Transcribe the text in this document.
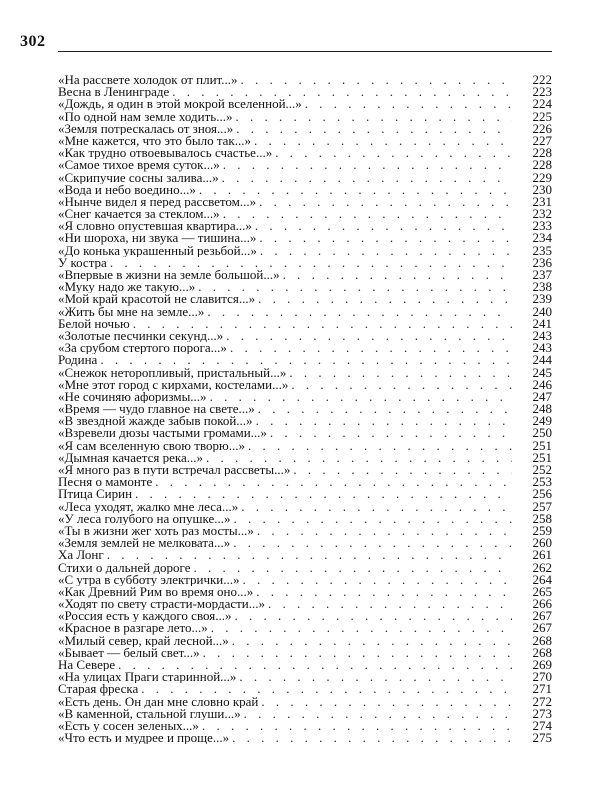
302
«На рассвете холодок от плит...» . . .	222
Весна в Ленинграде . . .	223
«Дождь, я один в этой мокрой вселенной...» . . .	224
«По одной нам земле ходить...» . . .	225
«Земля потрескалась от зноя...» . . .	226
«Мне кажется, что это было так...» . . .	227
«Как трудно отвоевывалось счастье...» . . .	228
«Самое тихое время суток...» . . .	228
«Скрипучие сосны залива...» . . .	229
«Вода и небо воедино...» . . .	230
«Нынче видел я перед рассветом...» . . .	231
«Снег качается за стеклом...» . . .	232
«Я словно опустевшая квартира...» . . .	233
«Ни шороха, ни звука — тишина...» . . .	234
«До конька украшенный резьбой...» . . .	235
У костра . . .	236
«Впервые в жизни на земле большой...» . . .	237
«Муку надо же такую...» . . .	238
«Мой край красотой не славится...» . . .	239
«Жить бы мне на земле...» . . .	240
Белой ночью . . .	241
«Золотые песчинки секунд...» . . .	243
«За срубом стертого порога...» . . .	243
Родина . . .	244
«Снежок неторопливый, пристальный...» . . .	245
«Мне этот город с кирхами, костелами...» . . .	246
«Не сочиняю афоризмы...» . . .	247
«Время — чудо главное на свете...» . . .	248
«В звездной жажде забыв покой...» . . .	249
«Взревели дюзы частыми громами...» . . .	250
«Я сам вселенную свою творю...» . . .	251
«Дымная качается река...» . . .	251
«Я много раз в пути встречал рассветы...» . . .	252
Песня о мамонте . . .	253
Птица Сирин . . .	256
«Леса уходят, жалко мне леса...» . . .	257
«У леса голубого на опушке...» . . .	258
«Ты в жизни жег хоть раз мосты...» . . .	259
«Земля землей не мелковата...» . . .	260
Ха Лонг . . .	261
Стихи о дальней дороге . . .	262
«С утра в субботу электрички...» . . .	264
«Как Древний Рим во время оно...» . . .	265
«Ходят по свету страсти-мордасти...» . . .	266
«Россия есть у каждого своя...» . . .	267
«Красное в разгаре лето...» . . .	267
«Милый север, край лесной...» . . .	268
«Бывает — белый свет...» . . .	268
На Севере . . .	269
«На улицах Праги старинной...» . . .	270
Старая фреска . . .	271
«Есть день. Он дан мне словно край . . .	272
«В каменной, стальной глуши...» . . .	273
«Есть у сосен зеленых...» . . .	274
«Что есть и мудрее и проще...» . . .	275
